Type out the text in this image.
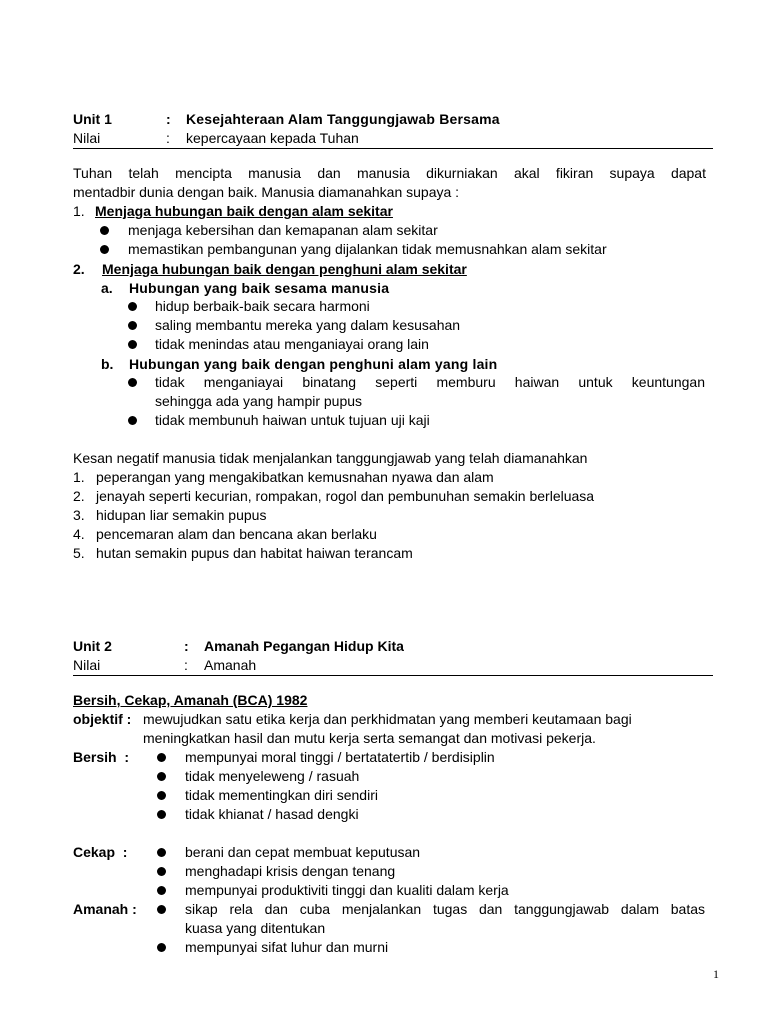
Unit 1	: Kesejahteraan Alam Tanggungjawab Bersama
Nilai	: kepercayaan kepada Tuhan
Tuhan telah mencipta manusia dan manusia dikurniakan akal fikiran supaya dapat
mentadbir dunia dengan baik. Manusia diamanahkan supaya :
1. Menjaga hubungan baik dengan alam sekitar
menjaga kebersihan dan kemapanan alam sekitar
memastikan pembangunan yang dijalankan tidak memusnahkan alam sekitar
2. Menjaga hubungan baik dengan penghuni alam sekitar
a. Hubungan yang baik sesama manusia
hidup berbaik-baik secara harmoni
saling membantu mereka yang dalam kesusahan
tidak menindas atau menganiayai orang lain
b. Hubungan yang baik dengan penghuni alam yang lain
tidak menganiayai binatang seperti memburu haiwan untuk keuntungan
sehingga ada yang hampir pupus
tidak membunuh haiwan untuk tujuan uji kaji
Kesan negatif manusia tidak menjalankan tanggungjawab yang telah diamanahkan
1. peperangan yang mengakibatkan kemusnahan nyawa dan alam
2. jenayah seperti kecurian, rompakan, rogol dan pembunuhan semakin berleluasa
3. hidupan liar semakin pupus
4. pencemaran alam dan bencana akan berlaku
5. hutan semakin pupus dan habitat haiwan terancam
Unit 2	: Amanah Pegangan Hidup Kita
Nilai	: Amanah
Bersih, Cekap, Amanah (BCA) 1982
objektif : mewujudkan satu etika kerja dan perkhidmatan yang memberi keutamaan bagi
meningkatkan hasil dan mutu kerja serta semangat dan motivasi pekerja.
Bersih  :	mempunyai moral tinggi / bertatatertib / berdisiplin
tidak menyeleweng / rasuah
tidak mementingkan diri sendiri
tidak khianat / hasad dengki
Cekap  :	berani dan cepat membuat keputusan
menghadapi krisis dengan tenang
mempunyai produktiviti tinggi dan kualiti dalam kerja
Amanah :	sikap rela dan cuba menjalankan tugas dan tanggungjawab dalam batas
kuasa yang ditentukan
mempunyai sifat luhur dan murni
1
